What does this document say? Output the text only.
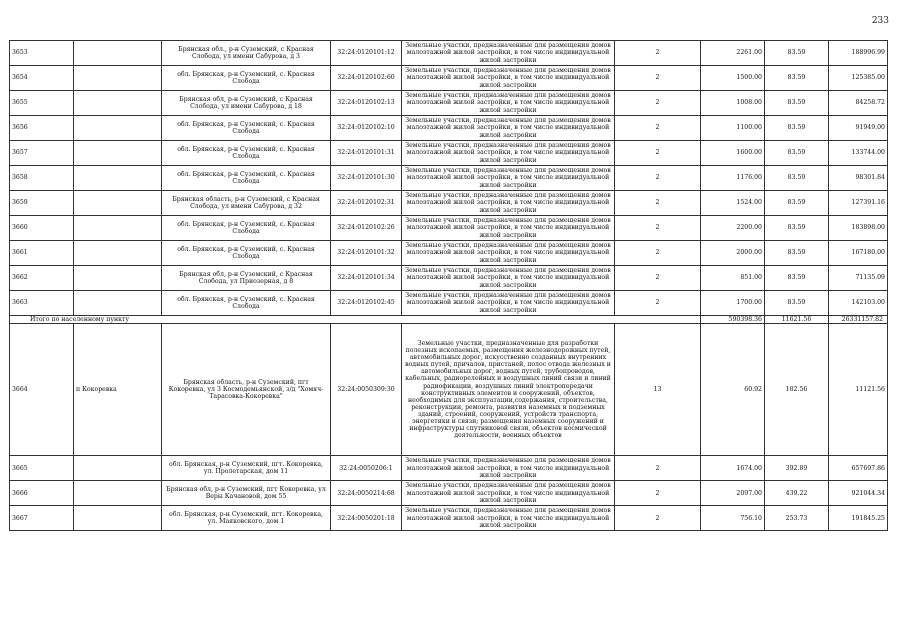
233
3653		Брянская обл., р-н Суземский, с Красная Слобода, ул имени Сабурова, д 3	32:24:0120101:12	Земельные участки, предназначенные для размещения домов малоэтажной жилой застройки, в том числе индивидуальной жилой застройки	2	2261.00	83.59	188996.99
3654		обл. Брянская, р-н Суземский, с. Красная Слобода	32:24:0120102:60	Земельные участки, предназначенные для размещения домов малоэтажной жилой застройки, в том числе индивидуальной жилой застройки	2	1500.00	83.59	125385.00
3655		Брянская обл, р-н Суземский, с Красная Слобода, ул имени Сабурова, д 18	32:24:0120102:13	Земельные участки, предназначенные для размещения домов малоэтажной жилой застройки, в том числе индивидуальной жилой застройки	2	1008.00	83.59	84258.72
3656		обл. Брянская, р-н Суземский, с. Красная Слобода	32:24:0120102:10	Земельные участки, предназначенные для размещения домов малоэтажной жилой застройки, в том числе индивидуальной жилой застройки	2	1100.00	83.59	91949.00
3657		обл. Брянская, р-н Суземский, с. Красная Слобода	32:24:0120101:31	Земельные участки, предназначенные для размещения домов малоэтажной жилой застройки, в том числе индивидуальной жилой застройки	2	1600.00	83.59	133744.00
3658		обл. Брянская, р-н Суземский, с. Красная Слобода	32:24:0120101:30	Земельные участки, предназначенные для размещения домов малоэтажной жилой застройки, в том числе индивидуальной жилой застройки	2	1176.00	83.59	98301.84
3659		Брянская область, р-н Суземский, с Красная Слобода, ул имени Сабурова, д 32	32:24:0120102:31	Земельные участки, предназначенные для размещения домов малоэтажной жилой застройки, в том числе индивидуальной жилой застройки	2	1524.00	83.59	127391.16
3660		обл. Брянская, р-н Суземский, с. Красная Слобода	32:24:0120102:26	Земельные участки, предназначенные для размещения домов малоэтажной жилой застройки, в том числе индивидуальной жилой застройки	2	2200.00	83.59	183898.00
3661		обл. Брянская, р-н Суземский, с. Красная Слобода	32:24:0120101:32	Земельные участки, предназначенные для размещения домов малоэтажной жилой застройки, в том числе индивидуальной жилой застройки	2	2000.00	83.59	167180.00
3662		Брянская обл, р-н Суземский, с Красная Слобода, ул Приозерная, д 8	32:24:0120101:34	Земельные участки, предназначенные для размещения домов малоэтажной жилой застройки, в том числе индивидуальной жилой застройки	2	851.00	83.59	71135.09
3663		обл. Брянская, р-н Суземский, с. Красная Слобода	32:24:0120102:45	Земельные участки, предназначенные для размещения домов малоэтажной жилой застройки, в том числе индивидуальной жилой застройки	2	1700.00	83.59	142103.00
Итого по населенному пункту						590398.36	11621.56	26331157.82
3664	п Кокоревка	Брянская область, р-н Суземский, пгт Кокоревка, ул 3 Космодемьянской, з/д "Хомяч-Тарасовка-Кокоревка"	32:24:0050309:30	Земельные участки, предназначенные для разработки полезных ископаемых, размещения железнодорожных путей, автомобильных дорог, искусственно созданных внутренних водных путей, причалов, пристаней, полос отвода железных и автомобильных дорог, водных путей, трубопроводов, кабельных, радиорелейных и воздушных линий связи и линий радиофикации, воздушных линий электропередачи конструктивных элементов и сооружений, объектов, необходимых для эксплуатации,содержания, строительства, реконструкции, ремонта, развития наземных и подземных зданий, строений, сооружений, устройств транспорта, энергетики и связи; размещения наземных сооружений и инфраструктуры спутниковой связи, объектов космической деятельности, военных объектов	13	60.92	182.56	11121.56
3665		обл. Брянская, р-н Суземский, пгт. Кокоревка, ул. Пролетарская, дом 11	32:24:0050206:1	Земельные участки, предназначенные для размещения домов малоэтажной жилой застройки, в том числе индивидуальной жилой застройки	2	1674.00	392.89	657697.86
3666		Брянская обл, р-н Суземский, пгт Кокоревка, ул Веры Качановой, дом 55	32:24:0050214:68	Земельные участки, предназначенные для размещения домов малоэтажной жилой застройки, в том числе индивидуальной жилой застройки	2	2097.00	439.22	921044.34
3667		обл. Брянская, р-н Суземский, пгт. Кокоревка, ул. Маяковского, дом 1	32:24:0050201:18	Земельные участки, предназначенные для размещения домов малоэтажной жилой застройки, в том числе индивидуальной жилой застройки	2	756.10	253.73	191845.25
